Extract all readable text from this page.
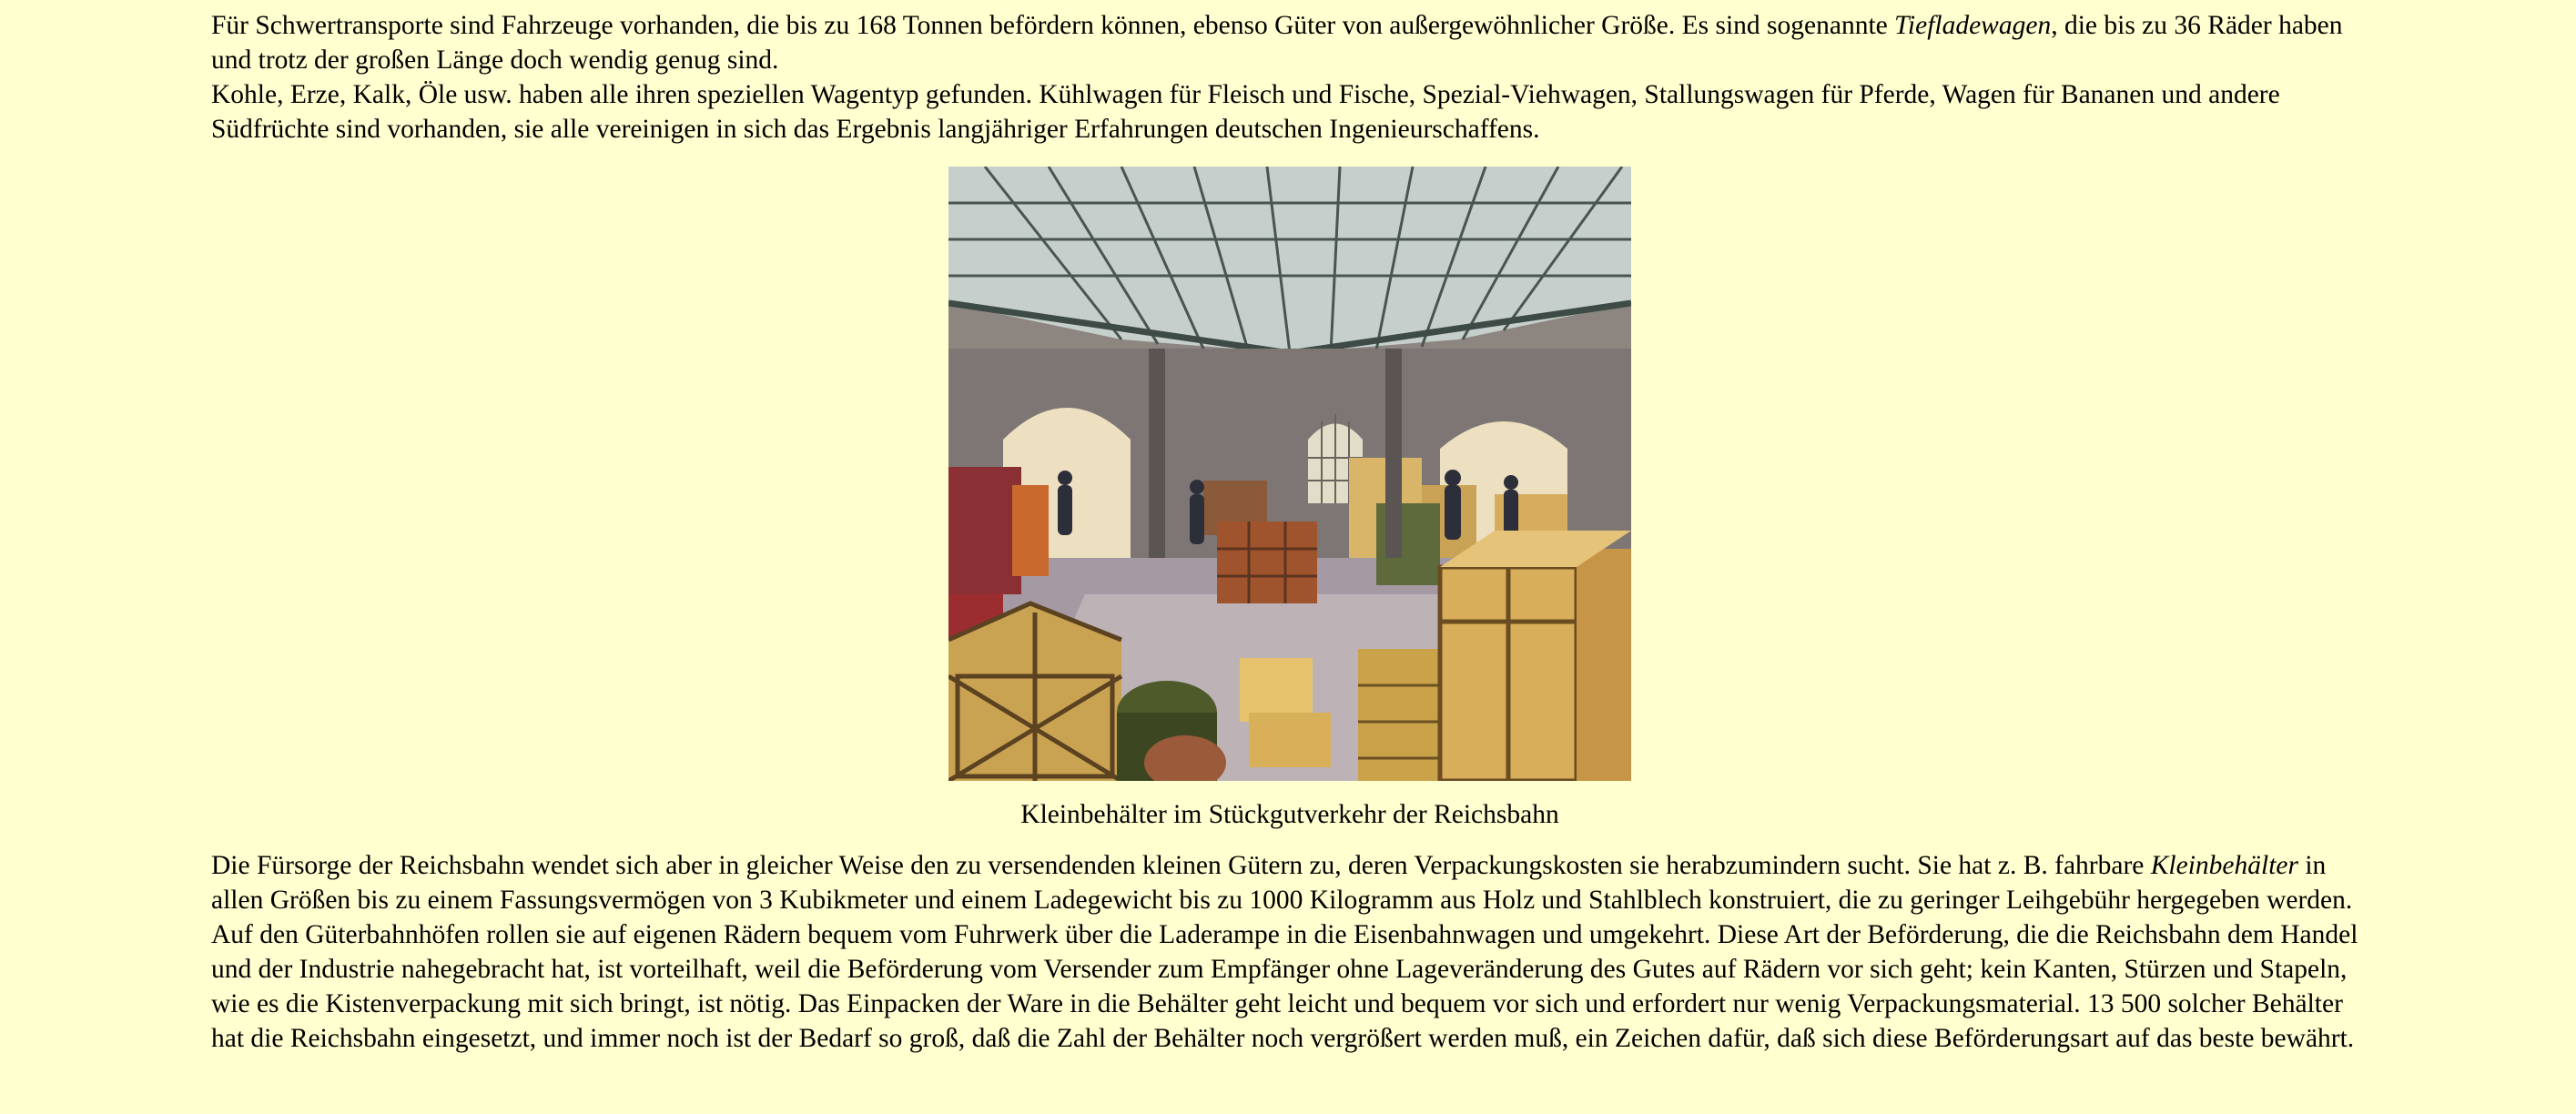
Für Schwertransporte sind Fahrzeuge vorhanden, die bis zu 168 Tonnen befördern können, ebenso Güter von außergewöhnlicher Größe. Es sind sogenannte Tiefladewagen, die bis zu 36 Räder haben und trotz der großen Länge doch wendig genug sind.

Kohle, Erze, Kalk, Öle usw. haben alle ihren speziellen Wagentyp gefunden. Kühlwagen für Fleisch und Fische, Spezial-Viehwagen, Stallungswagen für Pferde, Wagen für Bananen und andere Südfrüchte sind vorhanden, sie alle vereinigen in sich das Ergebnis langjähriger Erfahrungen deutschen Ingenieurschaffens.

Kleinbehälter im Stückgutverkehr der Reichsbahn

Die Fürsorge der Reichsbahn wendet sich aber in gleicher Weise den zu versendenden kleinen Gütern zu, deren Verpackungskosten sie herabzumindern sucht. Sie hat z. B. fahrbare Kleinbehälter in allen Größen bis zu einem Fassungsvermögen von 3 Kubikmeter und einem Ladegewicht bis zu 1000 Kilogramm aus Holz und Stahlblech konstruiert, die zu geringer Leihgebühr hergegeben werden. Auf den Güterbahnhöfen rollen sie auf eigenen Rädern bequem vom Fuhrwerk über die Laderampe in die Eisenbahnwagen und umgekehrt. Diese Art der Beförderung, die die Reichsbahn dem Handel und der Industrie nahegebracht hat, ist vorteilhaft, weil die Beförderung vom Versender zum Empfänger ohne Lageveränderung des Gutes auf Rädern vor sich geht; kein Kanten, Stürzen und Stapeln, wie es die Kistenverpackung mit sich bringt, ist nötig. Das Einpacken der Ware in die Behälter geht leicht und bequem vor sich und erfordert nur wenig Verpackungsmaterial. 13 500 solcher Behälter hat die Reichsbahn eingesetzt, und immer noch ist der Bedarf so groß, daß die Zahl der Behälter noch vergrößert werden muß, ein Zeichen dafür, daß sich diese Beförderungsart auf das beste bewährt.
